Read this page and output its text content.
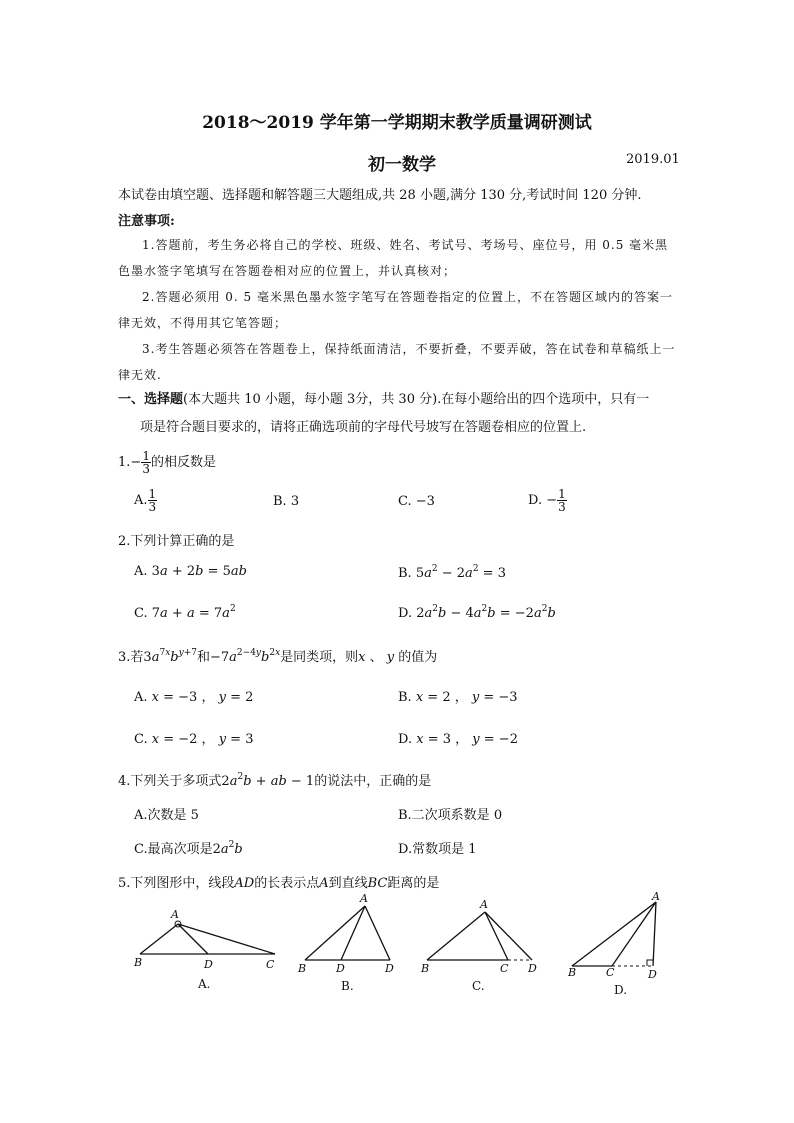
2018～2019 学年第一学期期末教学质量调研测试
初一数学	2019.01
本试卷由填空题、选择题和解答题三大题组成,共 28 小题,满分 130 分,考试时间 120 分钟.
注意事项:
1.答题前，考生务必将自己的学校、班级、姓名、考试号、考场号、座位号，用 0.5 毫米黑色墨水签字笔填写在答题卷相对应的位置上，并认真核对；
2.答题必须用 0. 5 毫米黑色墨水签字笔写在答题卷指定的位置上，不在答题区域内的答案一律无效，不得用其它笔答题；
3.考生答题必须答在答题卷上，保持纸面清洁，不要折叠，不要弄破，答在试卷和草稿纸上一律无效.
一、选择题(本大题共 10 小题，每小题 3分，共 30 分).在每小题给出的四个选项中，只有一
项是符合题目要求的，请将正确选项前的字母代号坡写在答题卷相应的位置上.
$1.- \frac{1}{3}$ 的相反数是
A. $\frac{1}{3}$	B. 3	C. −3	D. − $\frac{1}{3}$
2.下列计算正确的是
A. 3a + 2b = 5ab	B. $5a^2 - 2a^2 = 3$
C. $7a + a = 7a^2$	D. $2a^2b - 4a^2b = -2a^2b$
3.若$3a^{7x}b^{y+7}$和$-7a^{2-4y}b^{2x}$是同类项，则x 、 y 的值为
A. x = −3 ， y = 2	B. x = 2 ， y = −3
C. x = −2 ， y = 3	D. x = 3 ， y = −2
4.下列关于多项式$2a^2b$ + ab − 1的说法中，正确的是
A.次数是 5	B.二次项系数是 0
C.最高次项是$2a^2b$	D.常数项是 1
5.下列图形中，线段AD的长表示点A到直线BC距离的是
A
B	D	C
A.
A
B	D	D
B.
A
B	C D
C.
A
B	C	D
D.
